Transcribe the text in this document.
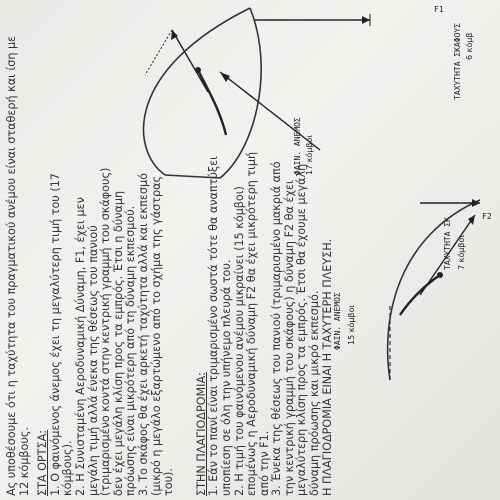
Ας υποθέσουμε ότι η ταχύτητα του πραγματικού ανέμου είναι σταθερή και ίση με 12 κόμβους. ΣΤΑ ΟΡΤΣΑ: 1. Ο φαινόμενος άνεμος έχει τη μεγαλύτερη τιμή του (17 κόμβους). 2. Η Συνισταμένη Αεροδυναμική Δύναμη, F1, έχει μεν μεγάλη τιμή αλλά ένεκα της θέσεως του πανιού (τριμαρισμένο κοντά στην κεντρική γραμμή του σκάφους) δεν έχει μεγάλη κλίση προς τα εμπρός. Έτσι η δύναμη πρόωσης είναι μικρότερη από τη δύναμη εκπεσμού. 3. Το σκάφος θα έχει αρκετή ταχύτητα αλλά και εκπεσμό (μικρό η μεγάλο εξαρτώμενο από το σχήμα της γάστρας του). ΣΤΗΝ ΠΛΑΓΙΟΔΡΟΜΙΑ: 1. Εάν το πανί είναι τριμαρισμένο σωστά τότε θα αναπτύξει υποπίεση σε όλη την υπήνεμο πλευρά του. 2. Η τιμή του φαινόμενου ανέμου μικραίνει (15 κόμβοι) επομένως η Αεροδυναμική δύναμη F2 θα έχει μικρότερη τιμή από την F1. 3. Ένεκα της θέσεως του πανιού (τριμαρισμένο μακριά από την κεντρική γραμμή του σκάφους) η δύναμη F2 θα έχει μεγαλύτερη κλίση προς τα εμπρός. Έτσι θα έχουμε μεγάλη δύναμη πρόωσης και μικρό εκπεσμό. Η ΠΛΑΓΙΟΔΡΟΜΙΑ ΕΙΝΑΙ Η ΤΑΧΥΤΕΡΗ ΠΛΕΥΣΗ.

F1
ΦΑΙΝ. ΑΝΕΜΟΣ 17 κόμβοι
ΤΑΧΥΤΗΤΑ ΣΚΑΦΟΥΣ 6 κόμβ
F2
ΦΑΙΝ. ΑΝΕΜΟΣ 15 κόμβοι
ΤΑΧΥΤΗΤΑ ΣΚ 7 κόμβοι
